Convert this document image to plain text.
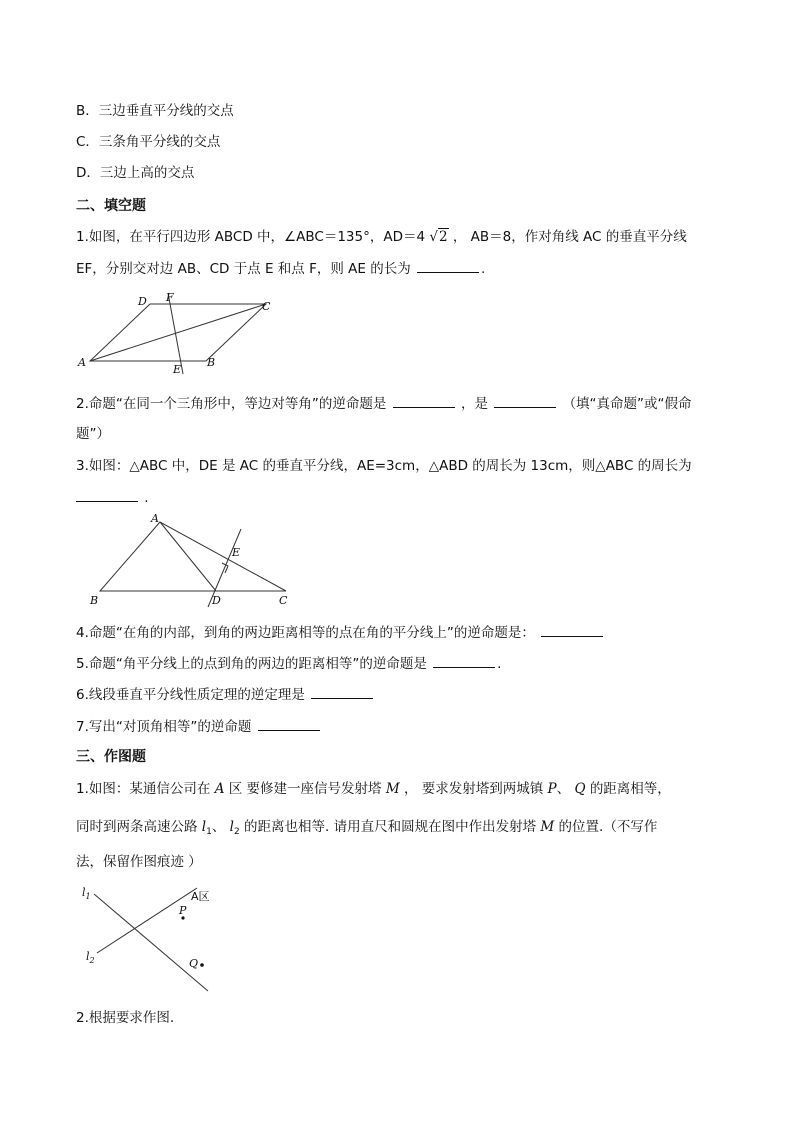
B．三边垂直平分线的交点
C．三条角平分线的交点
D．三边上高的交点
二、填空题
1.如图，在平行四边形 ABCD 中，∠ABC＝135°，AD＝4 √2 ， AB＝8，作对角线 AC 的垂直平分线
EF，分别交对边 AB、CD 于点 E 和点 F，则 AE 的长为	.
A	B
C
D
E
F
2.命题“在同一个三角形中，等边对等角”的逆命题是	，是	（填“真命题”或“假命
题”）
3.如图：△ABC 中，DE 是 AC 的垂直平分线，AE=3cm，△ABD 的周长为 13cm，则△ABC 的周长为
.
A
B	C
D
E
4.命题“在角的内部，到角的两边距离相等的点在角的平分线上”的逆命题是：
5.命题“角平分线上的点到角的两边的距离相等”的逆命题是	.
6.线段垂直平分线性质定理的逆定理是
7.写出“对顶角相等”的逆命题
三、作图题
1.如图：某通信公司在 A 区 要修建一座信号发射塔 M ， 要求发射塔到两城镇 P、 Q 的距离相等，
同时到两条高速公路 $l_1$、 $l_2$ 的距离也相等. 请用直尺和圆规在图中作出发射塔 M 的位置.（不写作
法，保留作图痕迹 ）
$l_1$
$l_2$
A区
P
Q
2.根据要求作图.
